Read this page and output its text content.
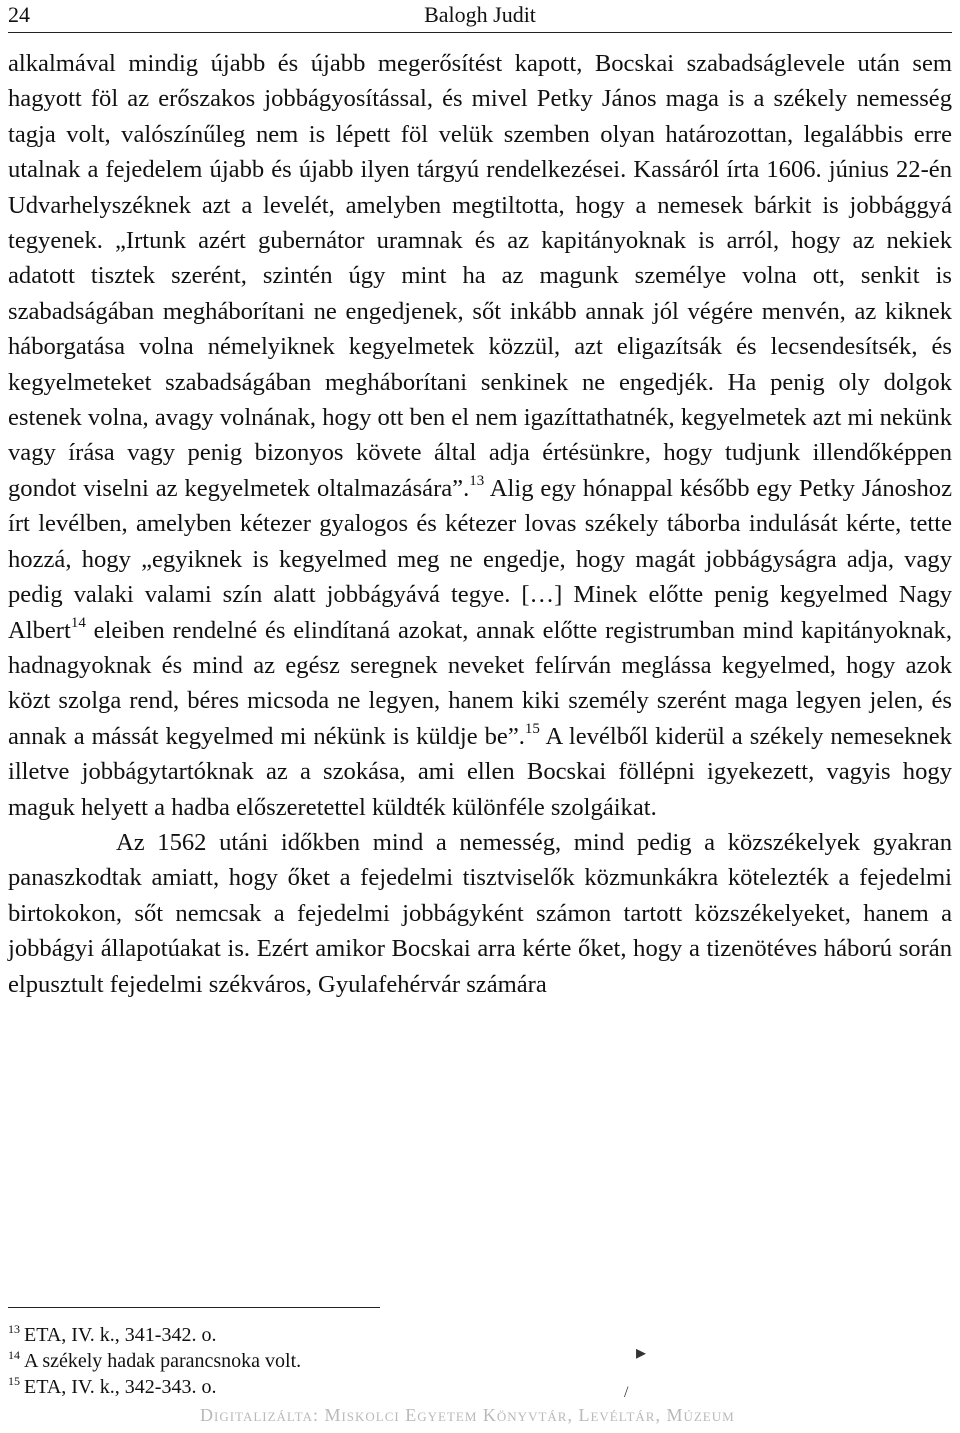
24	Balogh Judit

alkalmával mindig újabb és újabb megerősítést kapott, Bocskai szabadságlevele után sem hagyott föl az erőszakos jobbágyosítással, és mivel Petky János maga is a székely nemesség tagja volt, valószínűleg nem is lépett föl velük szemben olyan határozottan, legalábbis erre utalnak a fejedelem újabb és újabb ilyen tárgyú rendelkezései. Kassáról írta 1606. június 22-én Udvarhelyszéknek azt a levelét, amelyben megtiltotta, hogy a nemesek bárkit is jobbággyá tegyenek. „Irtunk azért gubernátor uramnak és az kapitányoknak is arról, hogy az nekiek adatott tisztek szerént, szintén úgy mint ha az magunk személye volna ott, senkit is szabadságában megháborítani ne engedjenek, sőt inkább annak jól végére menvén, az kiknek háborgatása volna némelyiknek kegyelmetek közzül, azt eligazítsák és lecsendesítsék, és kegyelmeteket szabadságában megháborítani senkinek ne engedjék. Ha penig oly dolgok estenek volna, avagy volnának, hogy ott ben el nem igazíttathatnék, kegyelmetek azt mi nekünk vagy írása vagy penig bizonyos követe által adja értésünkre, hogy tudjunk illendőképpen gondot viselni az kegyelmetek oltalmazására”.$^{13}$ Alig egy hónappal később egy Petky Jánoshoz írt levélben, amelyben kétezer gyalogos és kétezer lovas székely táborba indulását kérte, tette hozzá, hogy „egyiknek is kegyelmed meg ne engedje, hogy magát jobbágyságra adja, vagy pedig valaki valami szín alatt jobbágyává tegye. […] Minek előtte penig kegyelmed Nagy Albert$^{14}$ eleiben rendelné és elindítaná azokat, annak előtte registrumban mind kapitányoknak, hadnagyoknak és mind az egész seregnek neveket felírván meglássa kegyelmed, hogy azok közt szolga rend, béres micsoda ne legyen, hanem kiki személy szerént maga legyen jelen, és annak a mássát kegyelmed mi nékünk is küldje be”.$^{15}$ A levélből kiderül a székely nemeseknek illetve jobbágytartóknak az a szokása, ami ellen Bocskai föllépni igyekezett, vagyis hogy maguk helyett a hadba előszeretettel küldték különféle szolgáikat.

Az 1562 utáni időkben mind a nemesség, mind pedig a közszékelyek gyakran panaszkodtak amiatt, hogy őket a fejedelmi tisztviselők közmunkákra kötelezték a fejedelmi birtokokon, sőt nemcsak a fejedelmi jobbágyként számon tartott közszékelyeket, hanem a jobbágyi állapotúakat is. Ezért amikor Bocskai arra kérte őket, hogy a tizenötéves háború során elpusztult fejedelmi székváros, Gyulafehérvár számára

$^{13}$ ETA, IV. k., 341-342. o.
$^{14}$ A székely hadak parancsnoka volt.
$^{15}$ ETA, IV. k., 342-343. o.
▸
/
Digitalizálta: Miskolci Egyetem Könyvtár, Levéltár, Múzeum
